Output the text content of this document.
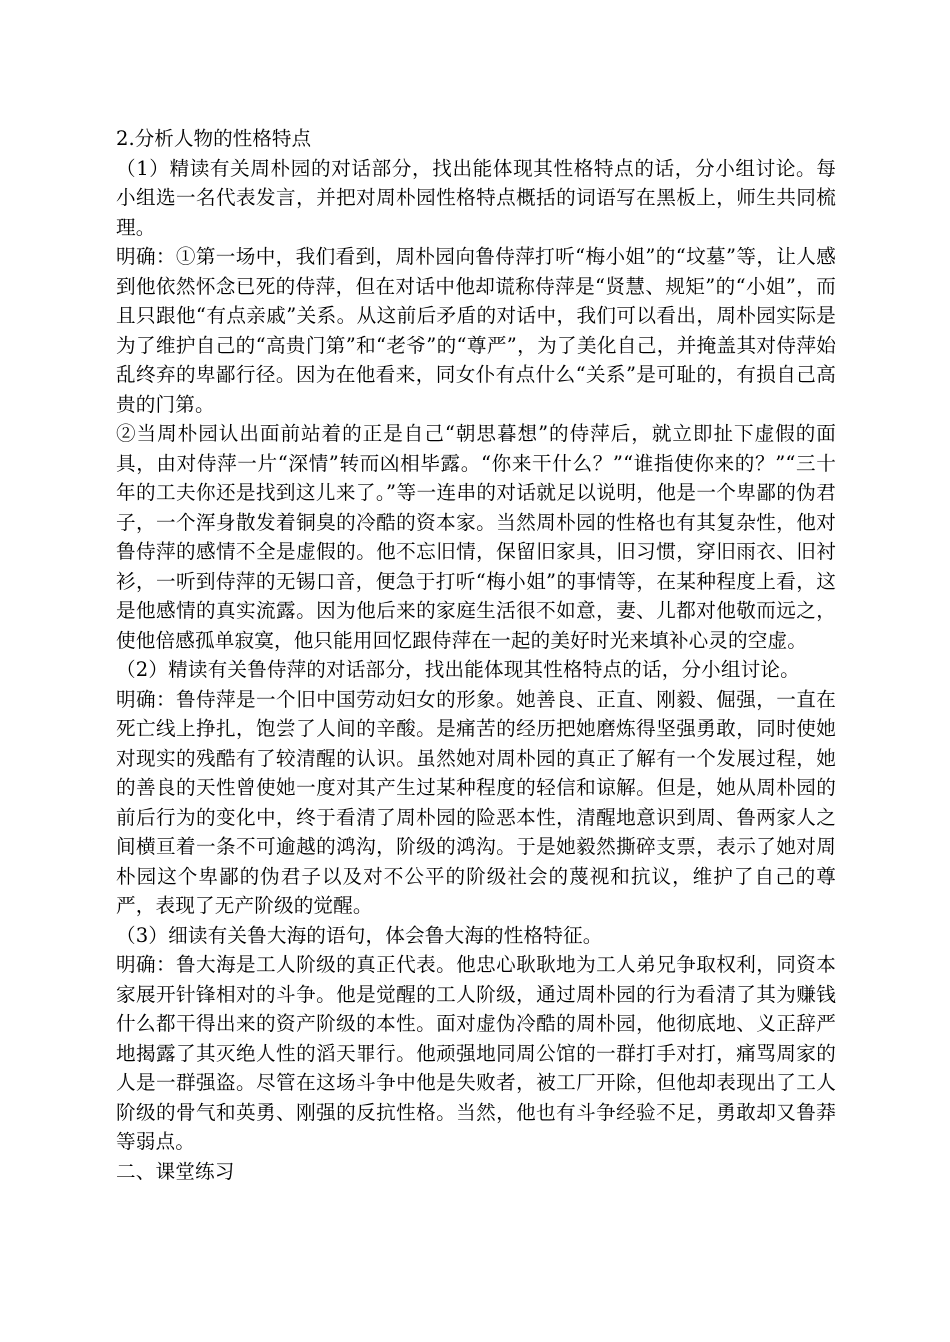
2.分析人物的性格特点

（1）精读有关周朴园的对话部分，找出能体现其性格特点的话，分小组讨论。每小组选一名代表发言，并把对周朴园性格特点概括的词语写在黑板上，师生共同梳理。

明确：①第一场中，我们看到，周朴园向鲁侍萍打听“梅小姐”的“坟墓”等，让人感到他依然怀念已死的侍萍，但在对话中他却谎称侍萍是“贤慧、规矩”的“小姐”，而且只跟他“有点亲戚”关系。从这前后矛盾的对话中，我们可以看出，周朴园实际是为了维护自己的“高贵门第”和“老爷”的“尊严”，为了美化自己，并掩盖其对侍萍始乱终弃的卑鄙行径。因为在他看来，同女仆有点什么“关系”是可耻的，有损自己高贵的门第。

②当周朴园认出面前站着的正是自己“朝思暮想”的侍萍后，就立即扯下虚假的面具，由对侍萍一片“深情”转而凶相毕露。“你来干什么？”“谁指使你来的？”“三十年的工夫你还是找到这儿来了。”等一连串的对话就足以说明，他是一个卑鄙的伪君子，一个浑身散发着铜臭的冷酷的资本家。当然周朴园的性格也有其复杂性，他对鲁侍萍的感情不全是虚假的。他不忘旧情，保留旧家具，旧习惯，穿旧雨衣、旧衬衫，一听到侍萍的无锡口音，便急于打听“梅小姐”的事情等，在某种程度上看，这是他感情的真实流露。因为他后来的家庭生活很不如意，妻、儿都对他敬而远之，使他倍感孤单寂寞，他只能用回忆跟侍萍在一起的美好时光来填补心灵的空虚。

（2）精读有关鲁侍萍的对话部分，找出能体现其性格特点的话，分小组讨论。

明确：鲁侍萍是一个旧中国劳动妇女的形象。她善良、正直、刚毅、倔强，一直在死亡线上挣扎，饱尝了人间的辛酸。是痛苦的经历把她磨炼得坚强勇敢，同时使她对现实的残酷有了较清醒的认识。虽然她对周朴园的真正了解有一个发展过程，她的善良的天性曾使她一度对其产生过某种程度的轻信和谅解。但是，她从周朴园的前后行为的变化中，终于看清了周朴园的险恶本性，清醒地意识到周、鲁两家人之间横亘着一条不可逾越的鸿沟，阶级的鸿沟。于是她毅然撕碎支票，表示了她对周朴园这个卑鄙的伪君子以及对不公平的阶级社会的蔑视和抗议，维护了自己的尊严，表现了无产阶级的觉醒。

（3）细读有关鲁大海的语句，体会鲁大海的性格特征。

明确：鲁大海是工人阶级的真正代表。他忠心耿耿地为工人弟兄争取权利，同资本家展开针锋相对的斗争。他是觉醒的工人阶级，通过周朴园的行为看清了其为赚钱什么都干得出来的资产阶级的本性。面对虚伪冷酷的周朴园，他彻底地、义正辞严地揭露了其灭绝人性的滔天罪行。他顽强地同周公馆的一群打手对打，痛骂周家的人是一群强盗。尽管在这场斗争中他是失败者，被工厂开除，但他却表现出了工人阶级的骨气和英勇、刚强的反抗性格。当然，他也有斗争经验不足，勇敢却又鲁莽等弱点。

二、课堂练习
